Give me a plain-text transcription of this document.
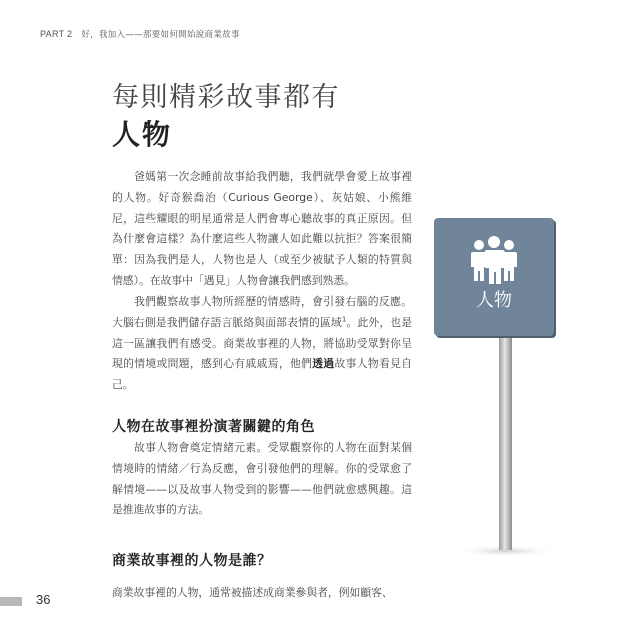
PART 2 好，我加入——那要如何開始說商業故事
每則精彩故事都有
人物
爸媽第一次念睡前故事給我們聽，我們就學會愛上故事裡的人物。好奇猴喬治（Curious George）、灰姑娘、小熊維尼，這些耀眼的明星通常是人們會專心聽故事的真正原因。但為什麼會這樣？為什麼這些人物讓人如此難以抗拒？答案很簡單：因為我們是人，人物也是人（或至少被賦予人類的特質與情感）。在故事中「遇見」人物會讓我們感到熟悉。
我們觀察故事人物所經歷的情感時，會引發右腦的反應。大腦右側是我們儲存語言脈絡與面部表情的區域$^1$。此外，也是這一區讓我們有感受。商業故事裡的人物，將協助受眾對你呈現的情境或問題，感到心有戚戚焉，他們透過故事人物看見自己。
人物在故事裡扮演著關鍵的角色
故事人物會奠定情緒元素。受眾觀察你的人物在面對某個情境時的情緒／行為反應，會引發他們的理解。你的受眾愈了解情境——以及故事人物受到的影響——他們就愈感興趣。這是推進故事的方法。
商業故事裡的人物是誰？
商業故事裡的人物，通常被描述成商業參與者，例如顧客、
36
人物
